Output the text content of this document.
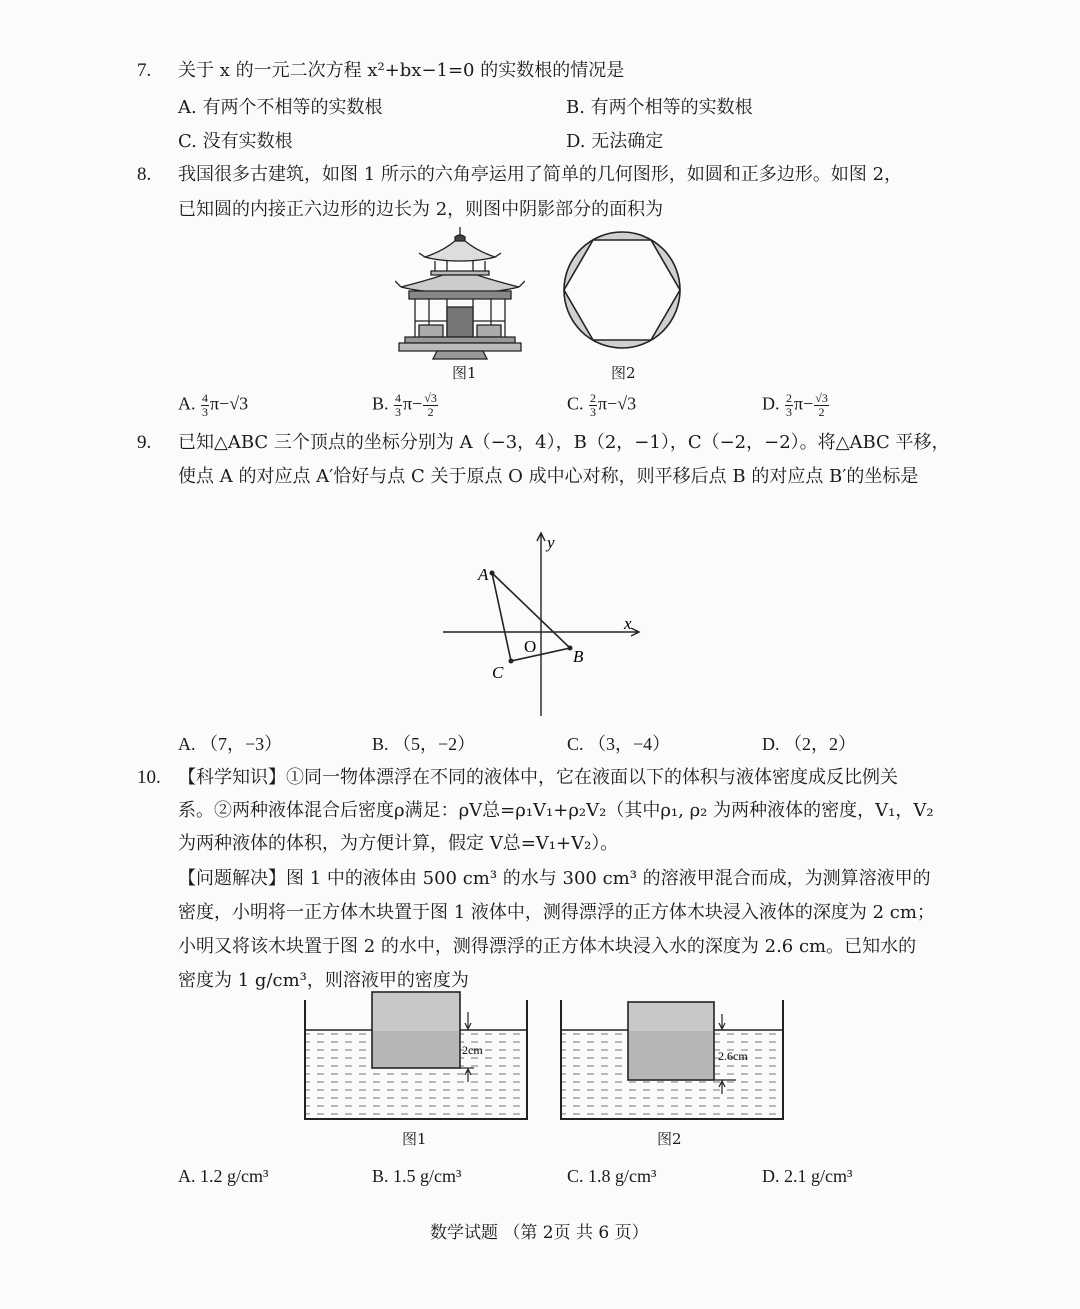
7. 关于 x 的一元二次方程 x²+bx−1=0 的实数根的情况是
A. 有两个不相等的实数根	B. 有两个相等的实数根
C. 没有实数根	D. 无法确定
8. 我国很多古建筑，如图 1 所示的六角亭运用了简单的几何图形，如圆和正多边形。如图 2，
已知圆的内接正六边形的边长为 2，则图中阴影部分的面积为
图1	图2
A. $\frac{4}{3} \pi-√3$	B. $\frac{4}{3} \pi- \frac{√3}{2}$	C. $\frac{2}{3} \pi-√3$	D. $\frac{2}{3} \pi- \frac{√3}{2}$
9. 已知△ABC 三个顶点的坐标分别为 A（−3，4），B（2，−1），C（−2，−2）。将△ABC 平移，
使点 A 的对应点 A′恰好与点 C 关于原点 O 成中心对称，则平移后点 B 的对应点 B′的坐标是
y
x
A
B
C
O
A. （7，−3）	B. （5，−2）	C. （3，−4）	D. （2，2）
10. 【科学知识】①同一物体漂浮在不同的液体中，它在液面以下的体积与液体密度成反比例关
系。②两种液体混合后密度ρ满足：ρV总=ρ₁V₁+ρ₂V₂（其中ρ₁, ρ₂ 为两种液体的密度，V₁，V₂
为两种液体的体积，为方便计算，假定 V总=V₁+V₂）。
【问题解决】图 1 中的液体由 500 cm³ 的水与 300 cm³ 的溶液甲混合而成，为测算溶液甲的
密度，小明将一正方体木块置于图 1 液体中，测得漂浮的正方体木块浸入液体的深度为 2 cm；
小明又将该木块置于图 2 的水中，测得漂浮的正方体木块浸入水的深度为 2.6 cm。已知水的
密度为 1 g/cm³，则溶液甲的密度为
2cm
图1
2.6cm
图2
A. 1.2 g/cm³	B. 1.5 g/cm³	C. 1.8 g/cm³	D. 2.1 g/cm³
数学试题 （第 2页 共 6 页）
